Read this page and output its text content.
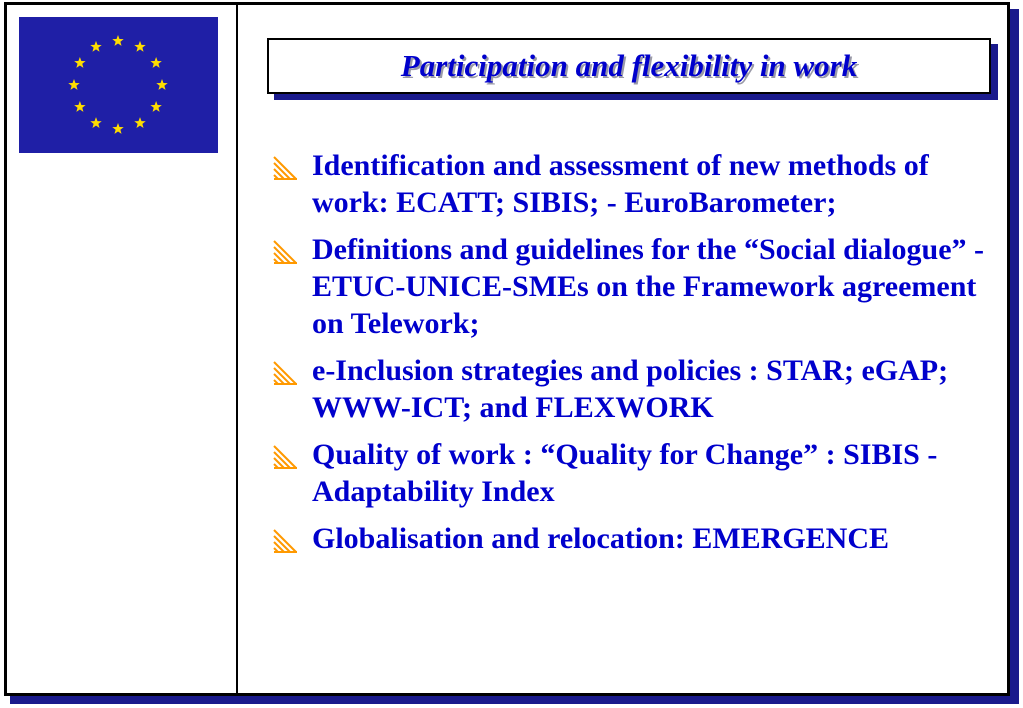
Participation and flexibility in work
Identification and assessment of new methods of work: ECATT; SIBIS; - EuroBarometer;
Definitions and guidelines for the “Social dialogue” - ETUC-UNICE-SMEs on the Framework agreement on Telework;
e-Inclusion strategies and policies : STAR; eGAP; WWW-ICT; and FLEXWORK
Quality of work : “Quality for Change” : SIBIS - Adaptability Index
Globalisation and relocation: EMERGENCE
